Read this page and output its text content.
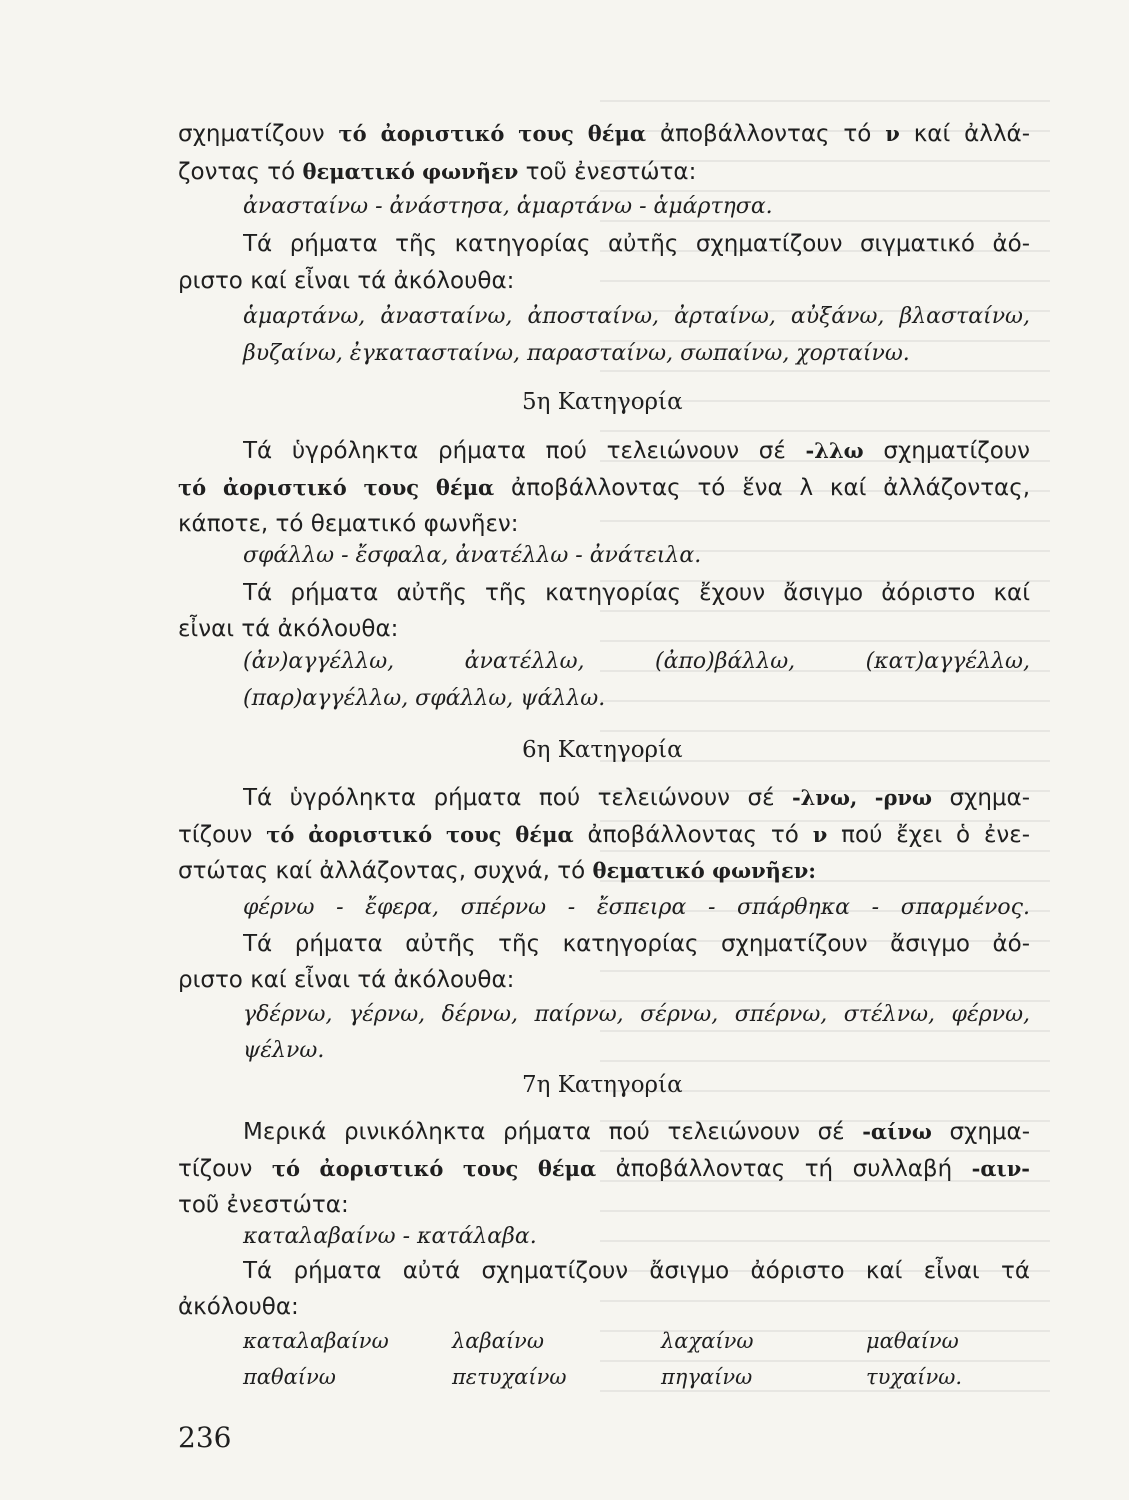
σχηματίζουν τό ἀοριστικό τους θέμα ἀποβάλλοντας τό ν καί ἀλλά-
ζοντας τό θεματικό φωνῆεν τοῦ ἐνεστώτα:
ἀνασταίνω - ἀνάστησα, ἁμαρτάνω - ἁμάρτησα.
Τά ρήματα τῆς κατηγορίας αὐτῆς σχηματίζουν σιγματικό ἀό-
ριστο καί εἶναι τά ἀκόλουθα:
ἁμαρτάνω, ἀνασταίνω, ἀποσταίνω, ἀρταίνω, αὐξάνω, βλασταίνω,
βυζαίνω, ἐγκατασταίνω, παρασταίνω, σωπαίνω, χορταίνω.
5η Κατηγορία
Τά ὑγρόληκτα ρήματα πού τελειώνουν σέ -λλω σχηματίζουν
τό ἀοριστικό τους θέμα ἀποβάλλοντας τό ἕνα λ καί ἀλλάζοντας,
κάποτε, τό θεματικό φωνῆεν:
σφάλλω - ἔσφαλα, ἀνατέλλω - ἀνάτειλα.
Τά ρήματα αὐτῆς τῆς κατηγορίας ἔχουν ἄσιγμο ἀόριστο καί
εἶναι τά ἀκόλουθα:
(ἀν)αγγέλλω, ἀνατέλλω, (ἀπο)βάλλω, (κατ)αγγέλλω,
(παρ)αγγέλλω, σφάλλω, ψάλλω.
6η Κατηγορία
Τά ὑγρόληκτα ρήματα πού τελειώνουν σέ -λνω, -ρνω σχημα-
τίζουν τό ἀοριστικό τους θέμα ἀποβάλλοντας τό ν πού ἔχει ὁ ἐνε-
στώτας καί ἀλλάζοντας, συχνά, τό θεματικό φωνῆεν:
φέρνω - ἔφερα, σπέρνω - ἔσπειρα - σπάρθηκα - σπαρμένος.
Τά ρήματα αὐτῆς τῆς κατηγορίας σχηματίζουν ἄσιγμο ἀό-
ριστο καί εἶναι τά ἀκόλουθα:
γδέρνω, γέρνω, δέρνω, παίρνω, σέρνω, σπέρνω, στέλνω, φέρνω,
ψέλνω.
7η Κατηγορία
Μερικά ρινικόληκτα ρήματα πού τελειώνουν σέ -αίνω σχημα-
τίζουν τό ἀοριστικό τους θέμα ἀποβάλλοντας τή συλλαβή -αιν-
τοῦ ἐνεστώτα:
καταλαβαίνω - κατάλαβα.
Τά ρήματα αὐτά σχηματίζουν ἄσιγμο ἀόριστο καί εἶναι τά
ἀκόλουθα:
καταλαβαίνω	λαβαίνω	λαχαίνω	μαθαίνω
παθαίνω	πετυχαίνω	πηγαίνω	τυχαίνω.
236
